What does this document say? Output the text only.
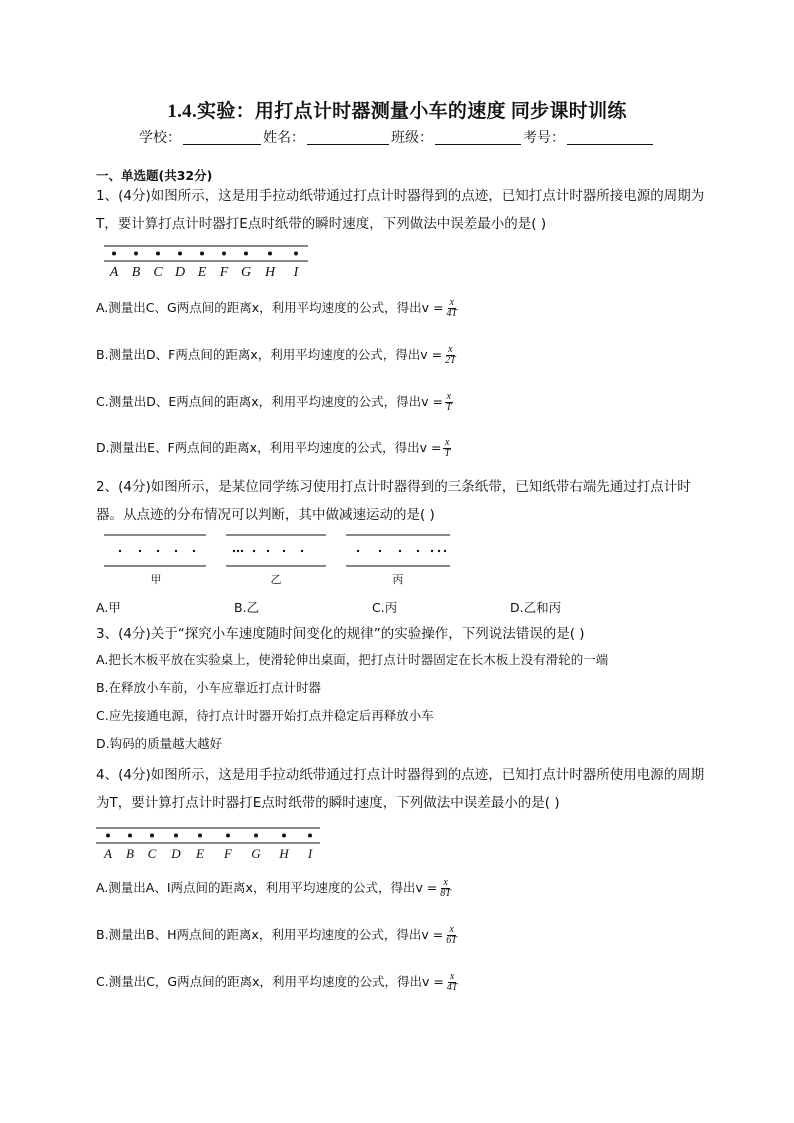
1.4.实验：用打点计时器测量小车的速度 同步课时训练
学校：	姓名：	班级：	考号：
一、单选题(共32分)
1、(4分)如图所示，这是用手拉动纸带通过打点计时器得到的点迹，已知打点计时器所接电源的周期为T，要计算打点计时器打E点时纸带的瞬时速度，下列做法中误差最小的是( )
A B C D E F G H I
A.测量出C、G两点间的距离x，利用平均速度的公式，得出$v = \frac{x}{4T}$
B.测量出D、F两点间的距离x，利用平均速度的公式，得出$v = \frac{x}{2T}$
C.测量出D、E两点间的距离x，利用平均速度的公式，得出$v = \frac{x}{T}$
D.测量出E、F两点间的距离x，利用平均速度的公式，得出$v = \frac{x}{T}$
2、(4分)如图所示，是某位同学练习使用打点计时器得到的三条纸带，已知纸带右端先通过打点计时器。从点迹的分布情况可以判断，其中做减速运动的是( )
甲	乙	丙
A.甲	B.乙	C.丙	D.乙和丙
3、(4分)关于“探究小车速度随时间变化的规律”的实验操作，下列说法错误的是( )
A.把长木板平放在实验桌上，使滑轮伸出桌面，把打点计时器固定在长木板上没有滑轮的一端
B.在释放小车前，小车应靠近打点计时器
C.应先接通电源，待打点计时器开始打点并稳定后再释放小车
D.钩码的质量越大越好
4、(4分)如图所示，这是用手拉动纸带通过打点计时器得到的点迹，已知打点计时器所使用电源的周期为T，要计算打点计时器打E点时纸带的瞬时速度，下列做法中误差最小的是( )
A B C D E F G H I
A.测量出A、I两点间的距离x，利用平均速度的公式，得出$v = \frac{x}{8T}$
B.测量出B、H两点间的距离x，利用平均速度的公式，得出$v = \frac{x}{6T}$
C.测量出C，G两点间的距离x，利用平均速度的公式，得出$v = \frac{x}{4T}$
